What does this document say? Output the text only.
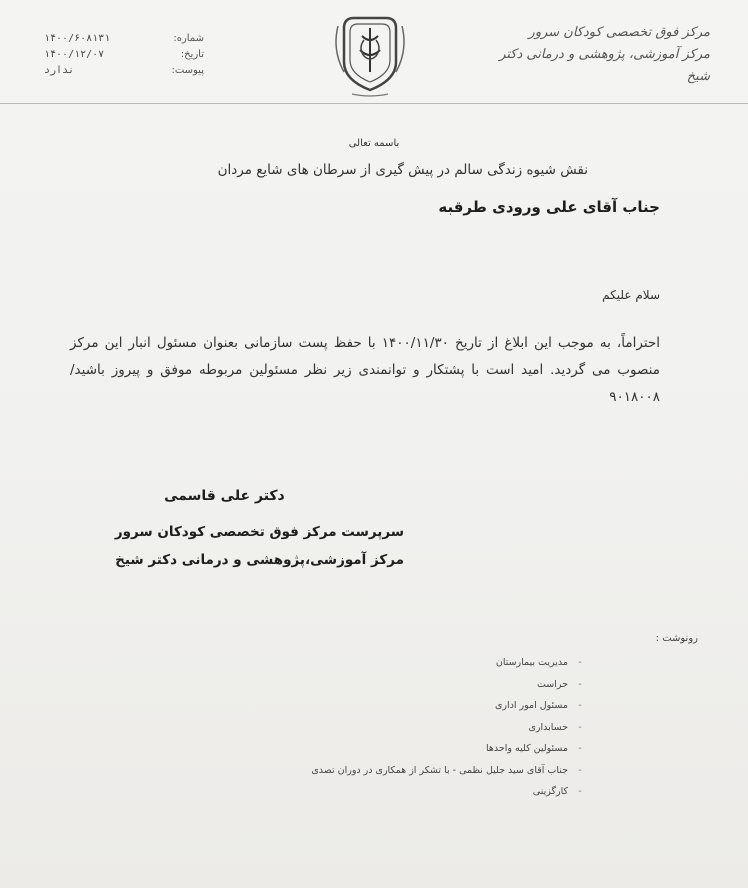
مرکز فوق تخصصی کودکان سرور
مرکز آموزشی، پژوهشی و درمانی دکتر شیخ
شماره:
۱۴۰۰/۶۰۸۱۳۱
تاریخ:
۱۴۰۰/۱۲/۰۷
پیوست:
ندارد
باسمه تعالی
نقش شیوه زندگی سالم در پیش گیری از سرطان های شایع مردان
جناب آقای علی ورودی طرقبه
سلام علیکم
احتراماً، به موجب این ابلاغ از تاریخ ۱۴۰۰/۱۱/۳۰ با حفظ پست سازمانی بعنوان مسئول انبار این مرکز منصوب می گردید. امید است با پشتکار و توانمندی زیر نظر مسئولین مربوطه موفق و پیروز باشید/۹۰۱۸۰۰۸
دکتر علی قاسمی
سرپرست مرکز فوق تخصصی کودکان سرور
مرکز آموزشی،پژوهشی و درمانی دکتر شیخ
رونوشت :
-
مدیریت بیمارستان
-
حراست
-
مسئول امور اداری
-
حسابداری
-
مسئولین کلیه واحدها
-
جناب آقای سید جلیل نظمی - با تشکر از همکاری در دوران تصدی
-
کارگزینی
